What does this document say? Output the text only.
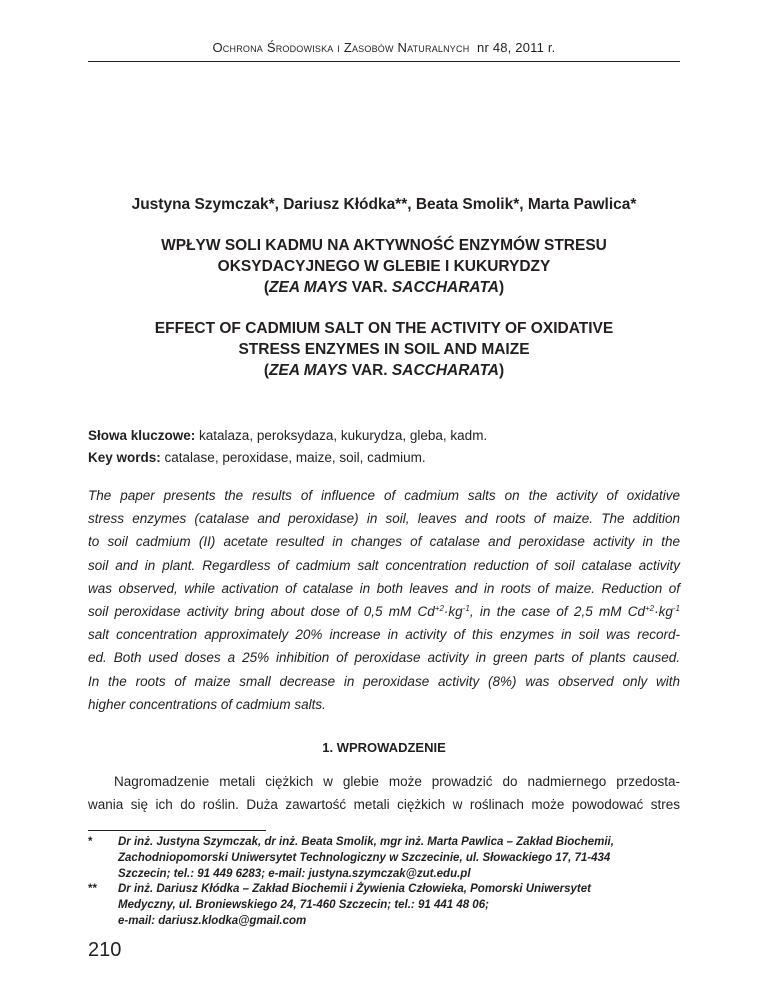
Ochrona Środowiska i Zasobów Naturalnych nr 48, 2011 r.
Justyna Szymczak*, Dariusz Kłódka**, Beata Smolik*, Marta Pawlica*
WPŁYW SOLI KADMU NA AKTYWNOŚĆ ENZYMÓW STRESU
OKSYDACYJNEGO W GLEBIE I KUKURYDZY
(ZEA MAYS VAR. SACCHARATA)
EFFECT OF CADMIUM SALT ON THE ACTIVITY OF OXIDATIVE
STRESS ENZYMES IN SOIL AND MAIZE
(ZEA MAYS VAR. SACCHARATA)
Słowa kluczowe: katalaza, peroksydaza, kukurydza, gleba, kadm.
Key words: catalase, peroxidase, maize, soil, cadmium.
The paper presents the results of influence of cadmium salts on the activity of oxidative
stress enzymes (catalase and peroxidase) in soil, leaves and roots of maize. The addition
to soil cadmium (II) acetate resulted in changes of catalase and peroxidase activity in the
soil and in plant. Regardless of cadmium salt concentration reduction of soil catalase activity
was observed, while activation of catalase in both leaves and in roots of maize. Reduction of
soil peroxidase activity bring about dose of 0,5 mM $Cd^{+2}\cdot kg^{-1}$, in the case of 2,5 mM $Cd^{+2}\cdot kg^{-1}$
salt concentration approximately 20% increase in activity of this enzymes in soil was record-
ed. Both used doses a 25% inhibition of peroxidase activity in green parts of plants caused.
In the roots of maize small decrease in peroxidase activity (8%) was observed only with
higher concentrations of cadmium salts.
1. WPROWADZENIE
Nagromadzenie metali ciężkich w glebie może prowadzić do nadmiernego przedosta-
wania się ich do roślin. Duża zawartość metali ciężkich w roślinach może powodować stres
* Dr inż. Justyna Szymczak, dr inż. Beata Smolik, mgr inż. Marta Pawlica – Zakład Biochemii,
Zachodniopomorski Uniwersytet Technologiczny w Szczecinie, ul. Słowackiego 17, 71-434
Szczecin; tel.: 91 449 6283; e-mail: justyna.szymczak@zut.edu.pl
** Dr inż. Dariusz Kłódka – Zakład Biochemii i Żywienia Człowieka, Pomorski Uniwersytet
Medyczny, ul. Broniewskiego 24, 71-460 Szczecin; tel.: 91 441 48 06;
e-mail: dariusz.klodka@gmail.com
210
